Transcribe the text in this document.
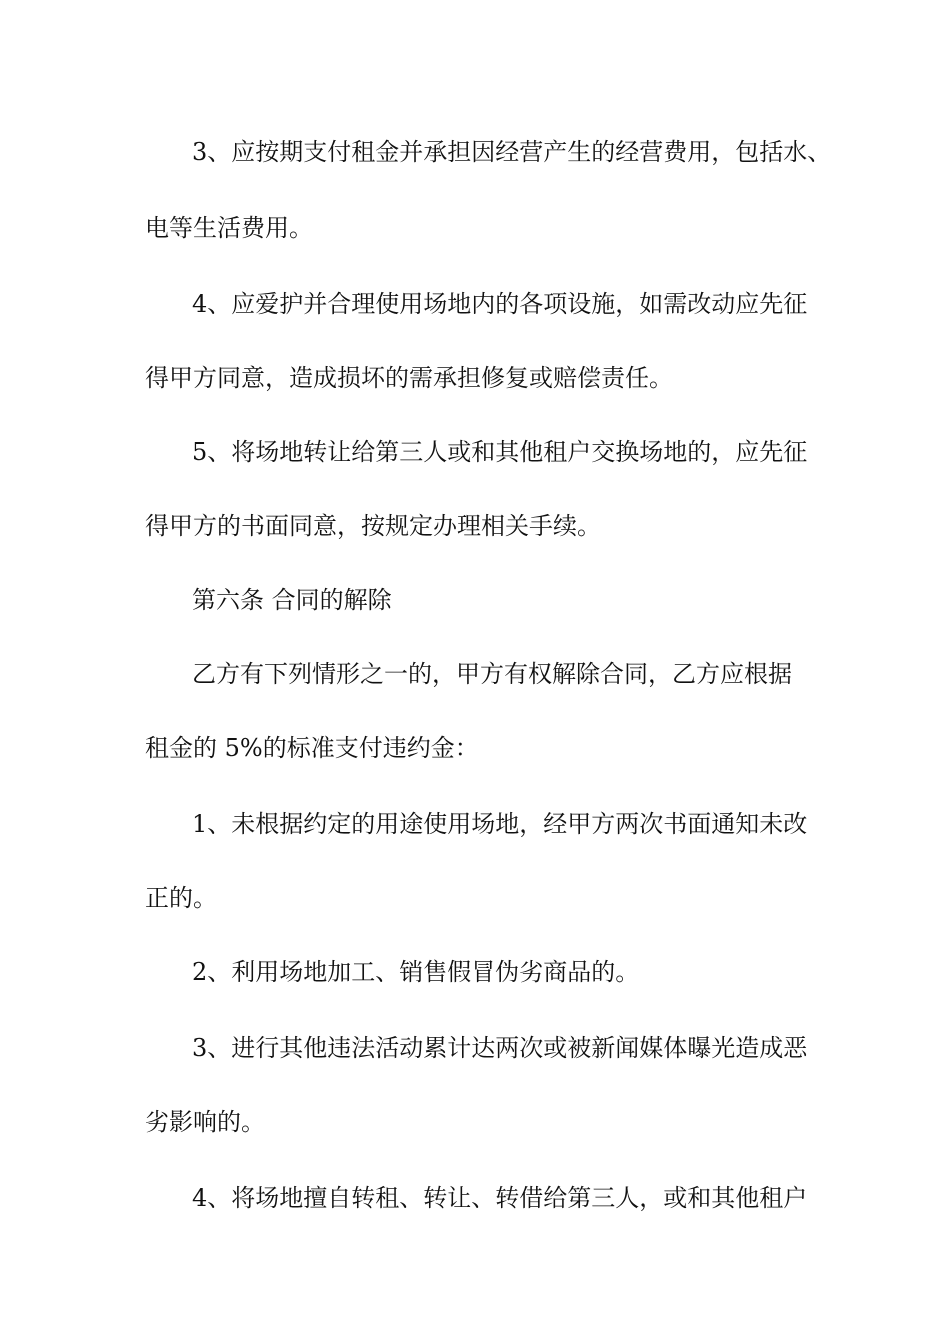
3、应按期支付租金并承担因经营产生的经营费用，包括水、
电等生活费用。
4、应爱护并合理使用场地内的各项设施，如需改动应先征
得甲方同意，造成损坏的需承担修复或赔偿责任。
5、将场地转让给第三人或和其他租户交换场地的，应先征
得甲方的书面同意，按规定办理相关手续。
第六条 合同的解除
乙方有下列情形之一的，甲方有权解除合同，乙方应根据
租金的 5%的标准支付违约金：
1、未根据约定的用途使用场地，经甲方两次书面通知未改
正的。
2、利用场地加工、销售假冒伪劣商品的。
3、进行其他违法活动累计达两次或被新闻媒体曝光造成恶
劣影响的。
4、将场地擅自转租、转让、转借给第三人，或和其他租户
